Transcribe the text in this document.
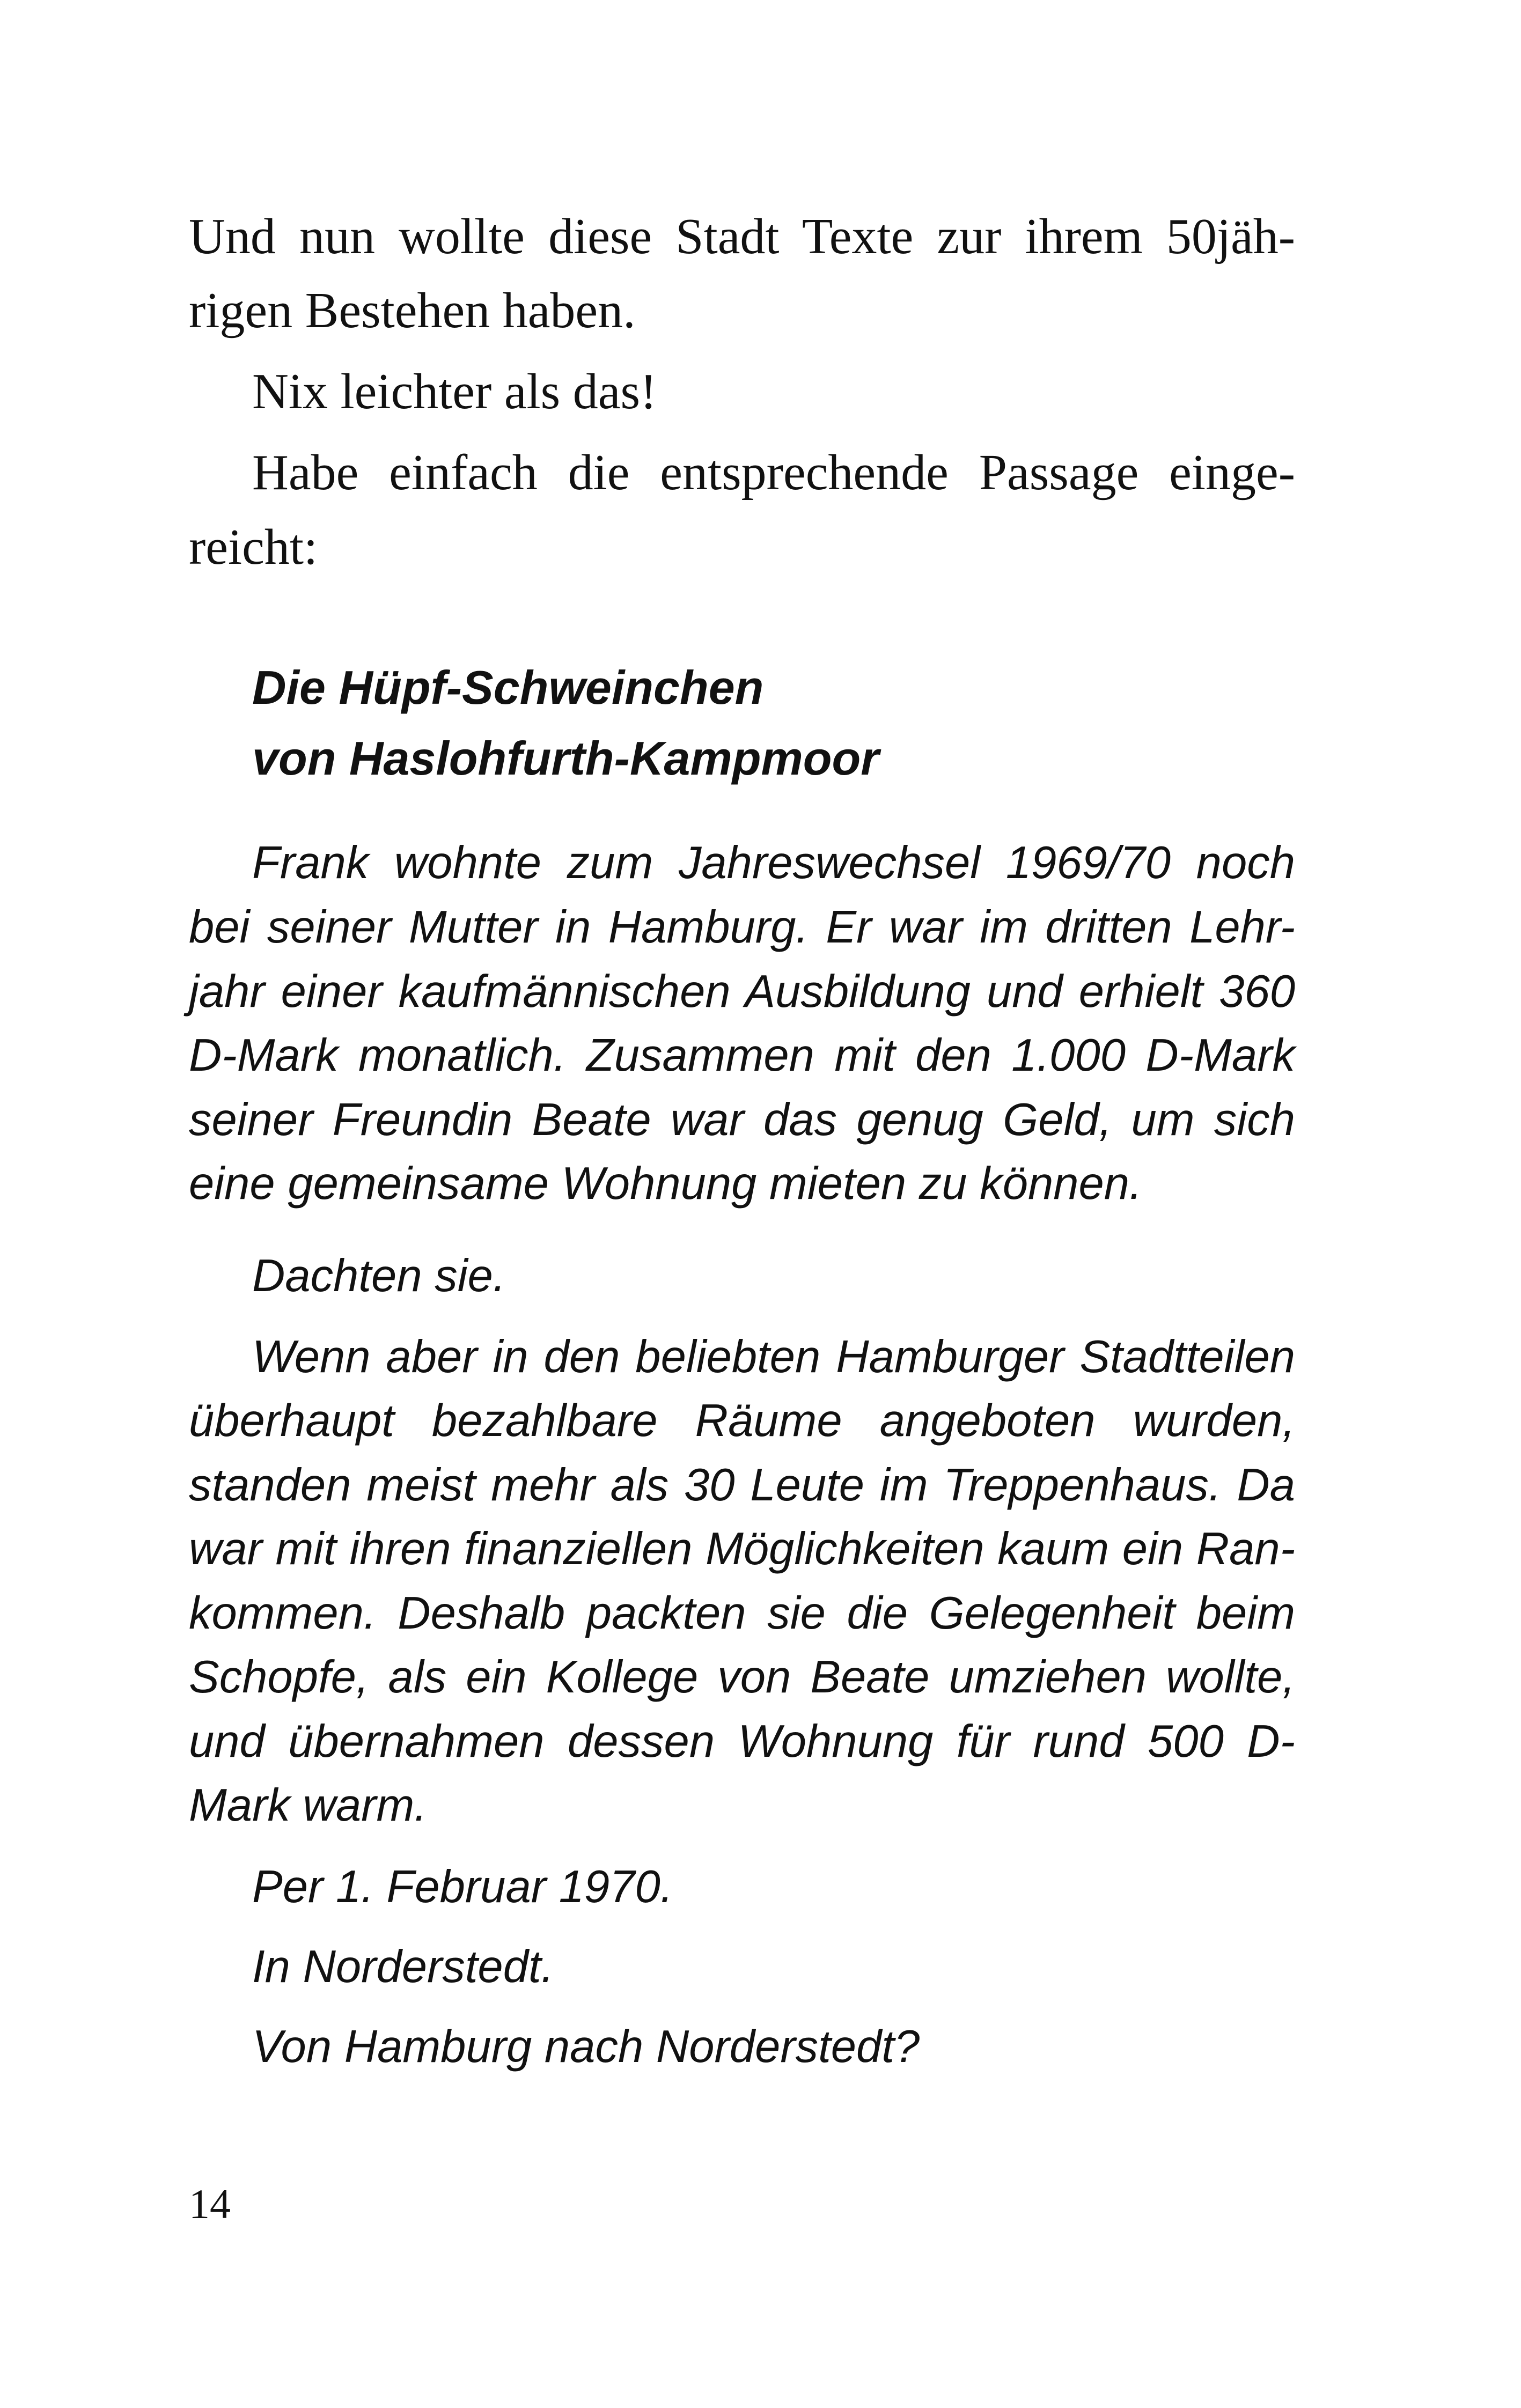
Und nun wollte diese Stadt Texte zur ihrem 50jäh-
rigen Bestehen haben.
Nix leichter als das!
Habe einfach die entsprechende Passage einge-
reicht:
Die Hüpf-Schweinchen
von Haslohfurth-Kampmoor
Frank wohnte zum Jahreswechsel 1969/70 noch
bei seiner Mutter in Hamburg. Er war im dritten Lehr-
jahr einer kaufmännischen Ausbildung und erhielt 360
D-Mark monatlich. Zusammen mit den 1.000 D-Mark
seiner Freundin Beate war das genug Geld, um sich
eine gemeinsame Wohnung mieten zu können.
Dachten sie.
Wenn aber in den beliebten Hamburger Stadtteilen
überhaupt bezahlbare Räume angeboten wurden,
standen meist mehr als 30 Leute im Treppenhaus. Da
war mit ihren finanziellen Möglichkeiten kaum ein Ran-
kommen. Deshalb packten sie die Gelegenheit beim
Schopfe, als ein Kollege von Beate umziehen wollte,
und übernahmen dessen Wohnung für rund 500 D-
Mark warm.
Per 1. Februar 1970.
In Norderstedt.
Von Hamburg nach Norderstedt?
14
